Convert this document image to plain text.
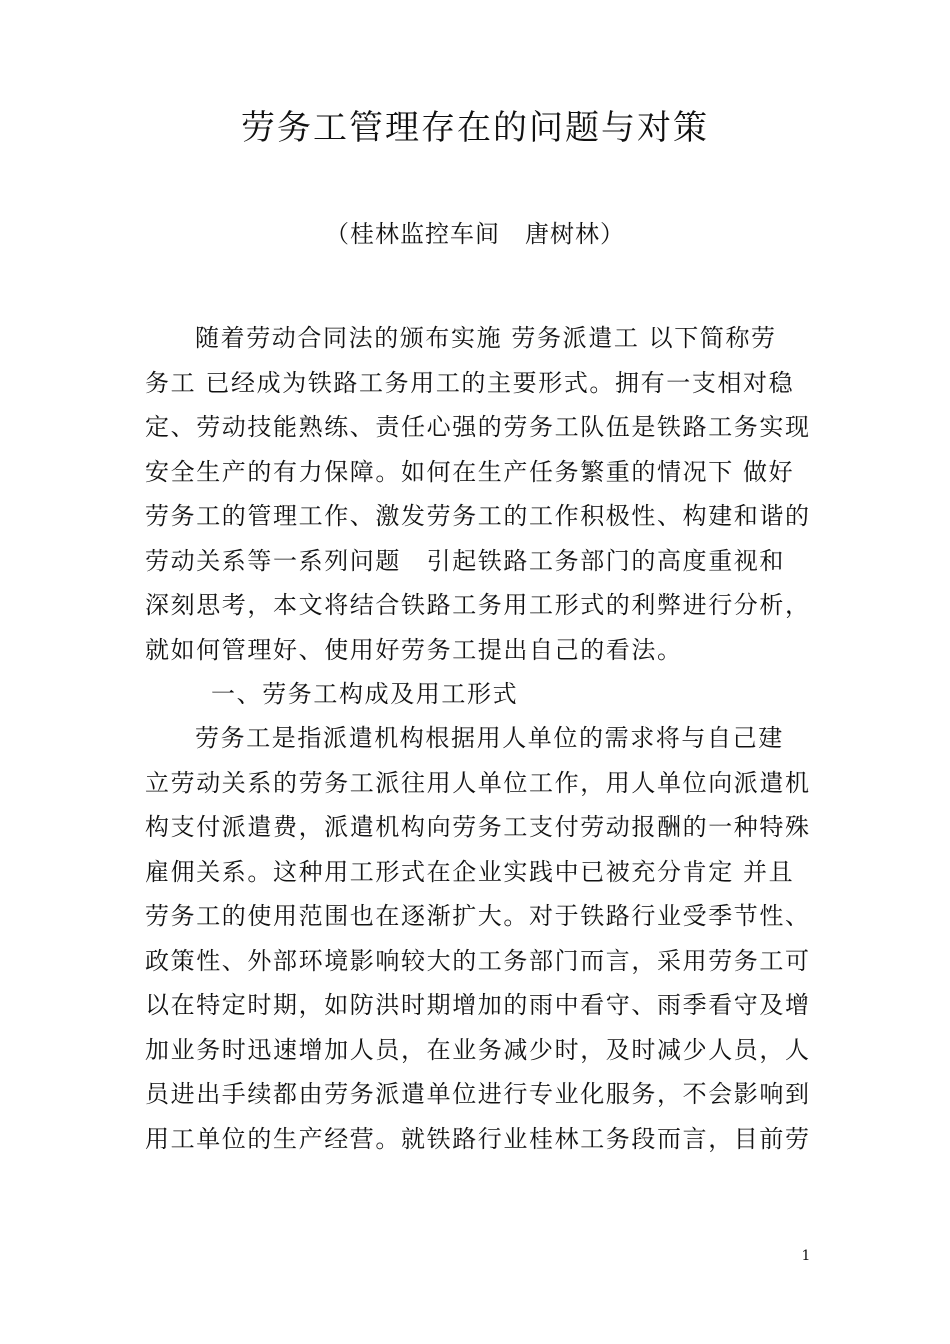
劳务工管理存在的问题与对策
（桂林监控车间　唐树林）
随着劳动合同法的颁布实施 劳务派遣工 以下简称劳
务工 已经成为铁路工务用工的主要形式。拥有一支相对稳
定、劳动技能熟练、责任心强的劳务工队伍是铁路工务实现
安全生产的有力保障。如何在生产任务繁重的情况下 做好
劳务工的管理工作、激发劳务工的工作积极性、构建和谐的
劳动关系等一系列问题　引起铁路工务部门的高度重视和
深刻思考，本文将结合铁路工务用工形式的利弊进行分析，
就如何管理好、使用好劳务工提出自己的看法。
一、劳务工构成及用工形式
劳务工是指派遣机构根据用人单位的需求将与自己建
立劳动关系的劳务工派往用人单位工作，用人单位向派遣机
构支付派遣费，派遣机构向劳务工支付劳动报酬的一种特殊
雇佣关系。这种用工形式在企业实践中已被充分肯定 并且
劳务工的使用范围也在逐渐扩大。对于铁路行业受季节性、
政策性、外部环境影响较大的工务部门而言，采用劳务工可
以在特定时期，如防洪时期增加的雨中看守、雨季看守及增
加业务时迅速增加人员，在业务减少时，及时减少人员，人
员进出手续都由劳务派遣单位进行专业化服务，不会影响到
用工单位的生产经营。就铁路行业桂林工务段而言，目前劳
1
